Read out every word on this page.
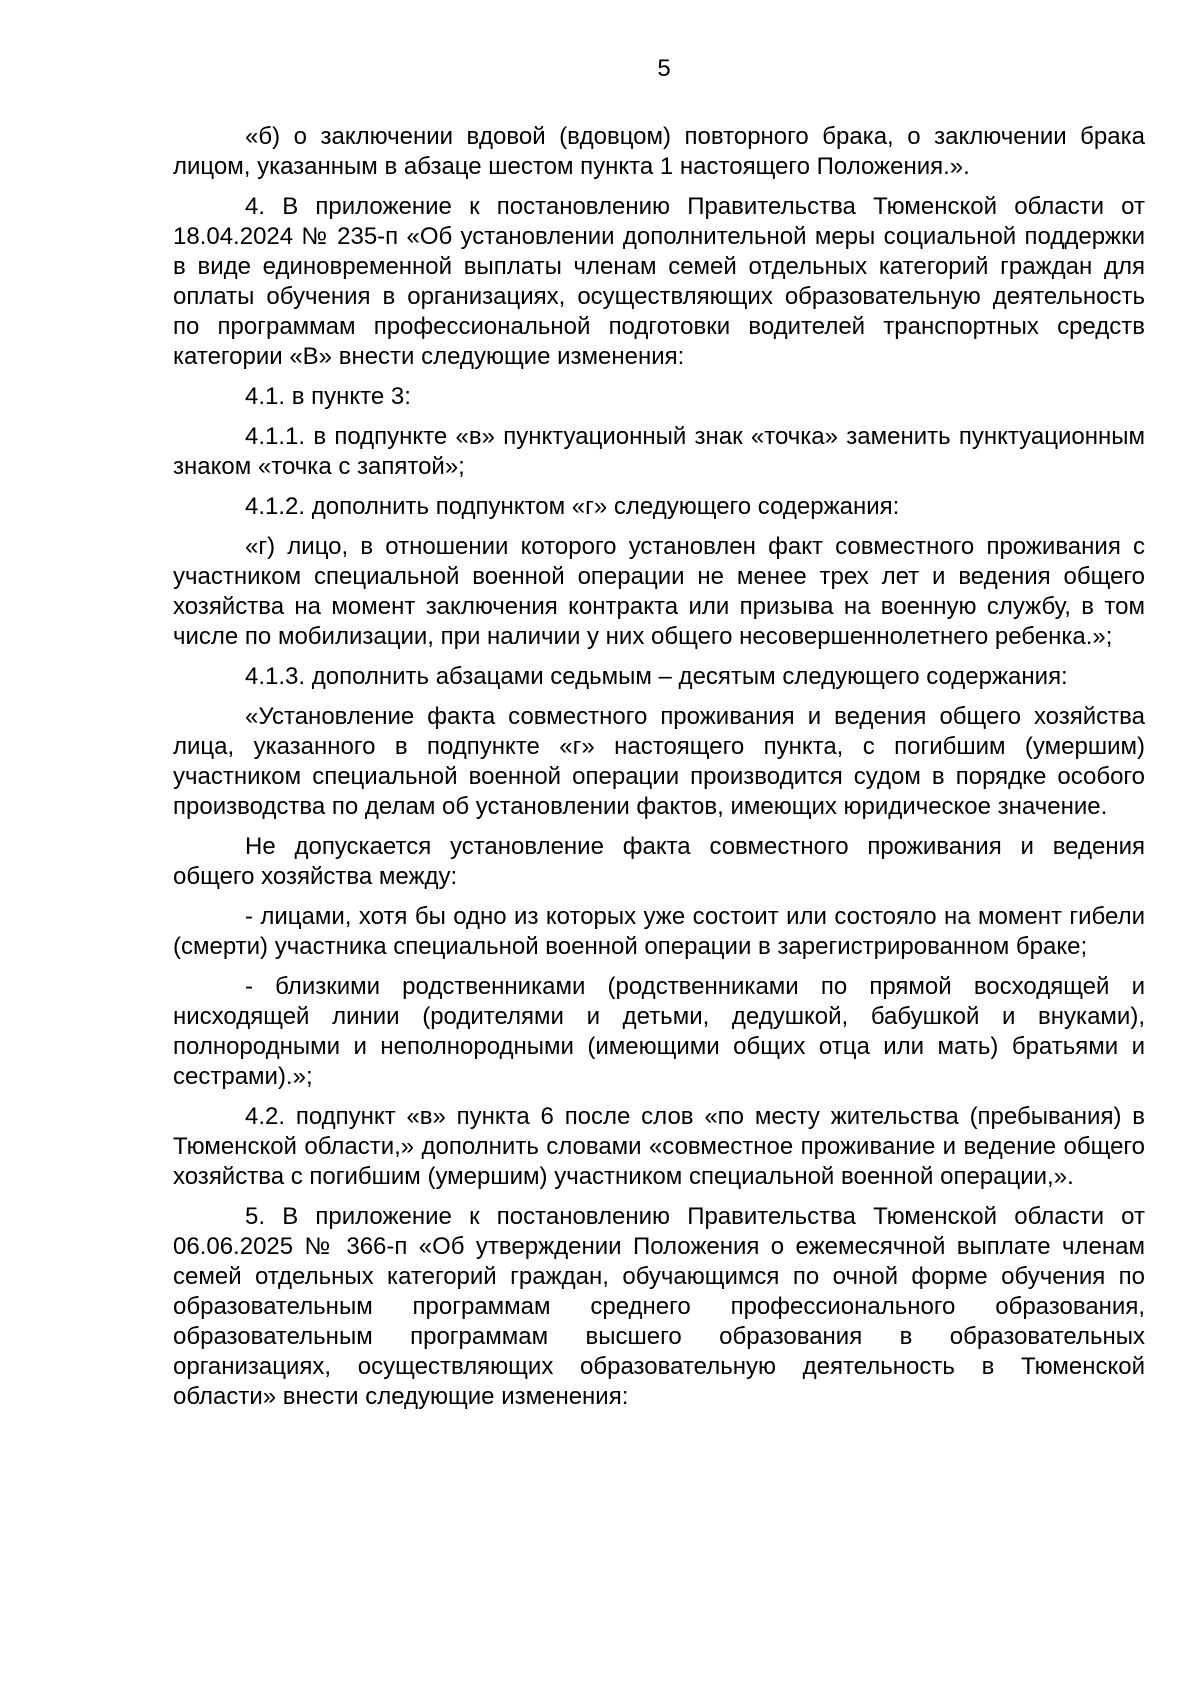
5

«б) о заключении вдовой (вдовцом) повторного брака, о заключении брака лицом, указанным в абзаце шестом пункта 1 настоящего Положения.».

4. В приложение к постановлению Правительства Тюменской области от 18.04.2024 № 235-п «Об установлении дополнительной меры социальной поддержки в виде единовременной выплаты членам семей отдельных категорий граждан для оплаты обучения в организациях, осуществляющих образовательную деятельность по программам профессиональной подготовки водителей транспортных средств категории «B» внести следующие изменения:

4.1. в пункте 3:

4.1.1. в подпункте «в» пунктуационный знак «точка» заменить пунктуационным знаком «точка с запятой»;

4.1.2. дополнить подпунктом «г» следующего содержания:

«г) лицо, в отношении которого установлен факт совместного проживания с участником специальной военной операции не менее трех лет и ведения общего хозяйства на момент заключения контракта или призыва на военную службу, в том числе по мобилизации, при наличии у них общего несовершеннолетнего ребенка.»;

4.1.3. дополнить абзацами седьмым – десятым следующего содержания:

«Установление факта совместного проживания и ведения общего хозяйства лица, указанного в подпункте «г» настоящего пункта, с погибшим (умершим) участником специальной военной операции производится судом в порядке особого производства по делам об установлении фактов, имеющих юридическое значение.

Не допускается установление факта совместного проживания и ведения общего хозяйства между:

- лицами, хотя бы одно из которых уже состоит или состояло на момент гибели (смерти) участника специальной военной операции в зарегистрированном браке;

- близкими родственниками (родственниками по прямой восходящей и нисходящей линии (родителями и детьми, дедушкой, бабушкой и внуками), полнородными и неполнородными (имеющими общих отца или мать) братьями и сестрами).»;

4.2. подпункт «в» пункта 6 после слов «по месту жительства (пребывания) в Тюменской области,» дополнить словами «совместное проживание и ведение общего хозяйства с погибшим (умершим) участником специальной военной операции,».

5. В приложение к постановлению Правительства Тюменской области от 06.06.2025 № 366-п «Об утверждении Положения о ежемесячной выплате членам семей отдельных категорий граждан, обучающимся по очной форме обучения по образовательным программам среднего профессионального образования, образовательным программам высшего образования в образовательных организациях, осуществляющих образовательную деятельность в Тюменской области» внести следующие изменения:
